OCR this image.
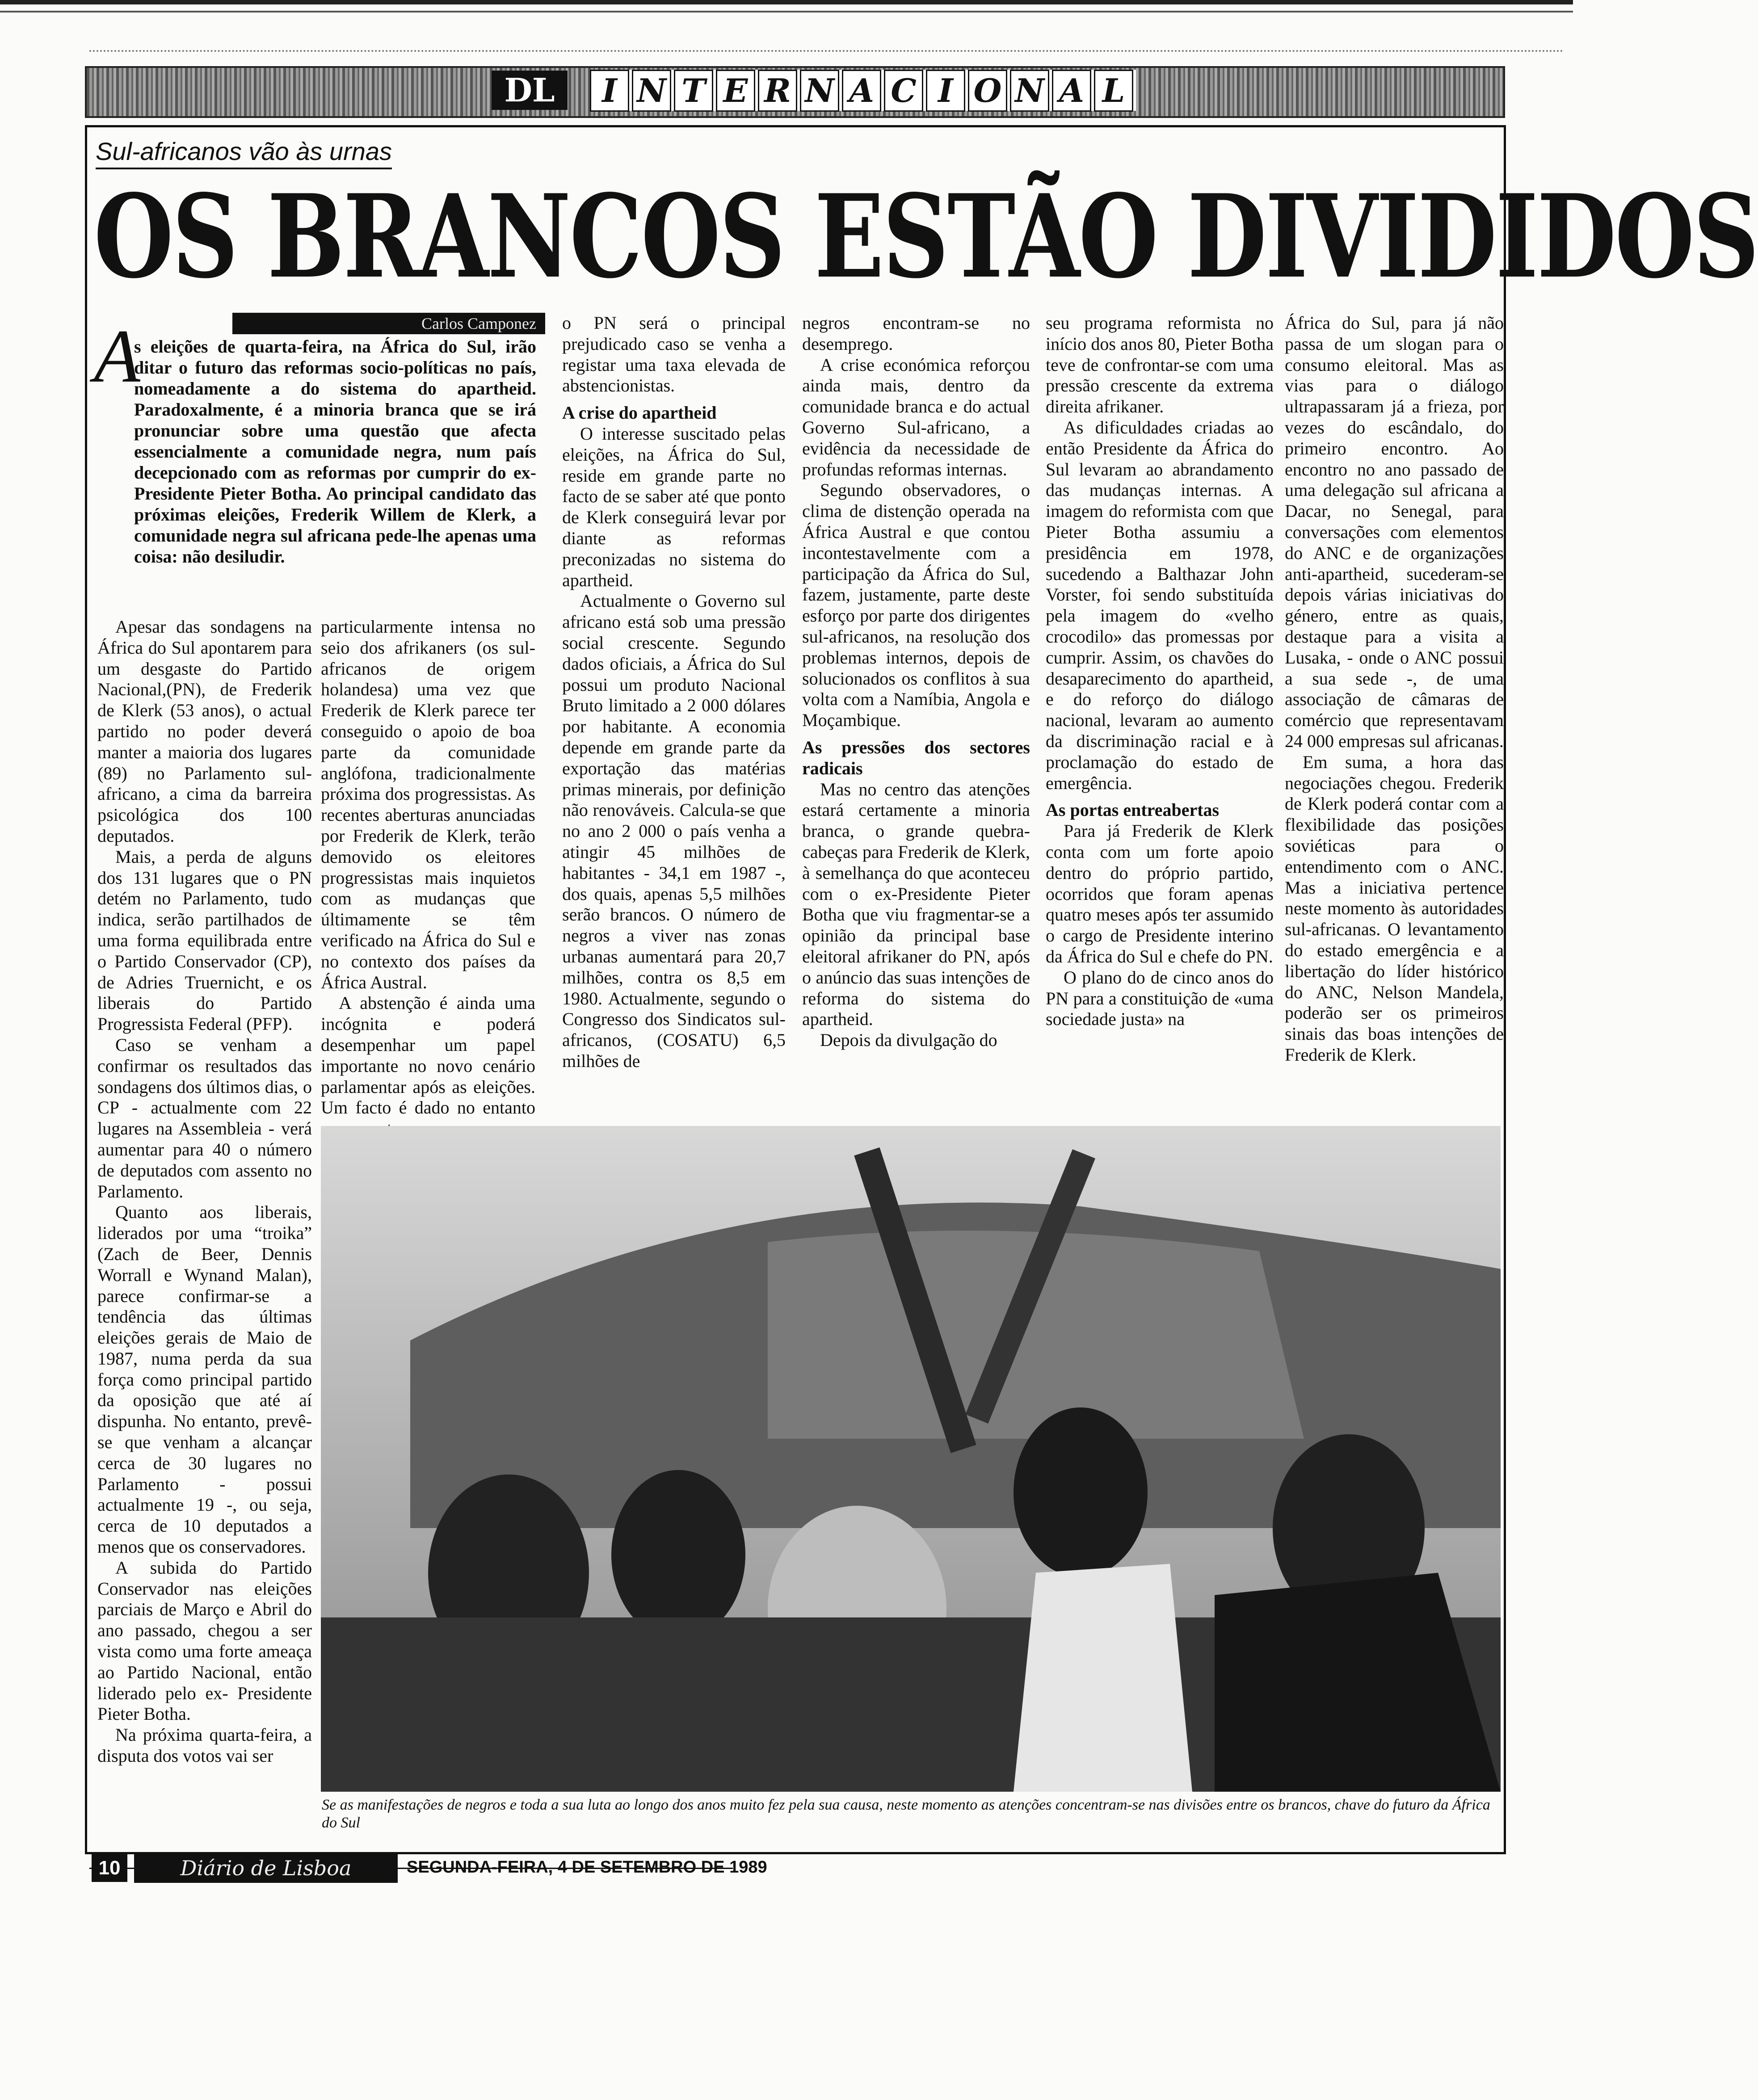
DL	I N T E R N A C I O N A L
Sul-africanos vão às urnas
OS BRANCOS ESTÃO DIVIDIDOS
Carlos Camponez
A

s eleições de quarta-feira, na África do Sul, irão ditar o futuro das reformas socio-políticas no país, nomeadamente a do sistema do apartheid. Paradoxalmente, é a minoria branca que se irá pronunciar sobre uma questão que afecta essencialmente a comunidade negra, num país decepcionado com as reformas por cumprir do ex-Presidente Pieter Botha. Ao principal candidato das próximas eleições, Frederik Willem de Klerk, a comunidade negra sul africana pede-lhe apenas uma coisa: não desiludir.

Apesar das sondagens na África do Sul apontarem para um desgaste do Partido Nacional,(PN), de Frederik de Klerk (53 anos), o actual partido no poder deverá manter a maioria dos lugares (89) no Parlamento sul-africano, a cima da barreira psicológica dos 100 deputados.

Mais, a perda de alguns dos 131 lugares que o PN detém no Parlamento, tudo indica, serão partilhados de uma forma equilibrada entre o Partido Conservador (CP), de Adries Truernicht, e os liberais do Partido Progressista Federal (PFP).

Caso se venham a confirmar os resultados das sondagens dos últimos dias, o CP - actualmente com 22 lugares na Assembleia - verá aumentar para 40 o número de deputados com assento no Parlamento.

Quanto aos liberais, liderados por uma “troika” (Zach de Beer, Dennis Worrall e Wynand Malan), parece confirmar-se a tendência das últimas eleições gerais de Maio de 1987, numa perda da sua força como principal partido da oposição que até aí dispunha. No entanto, prevê-se que venham a alcançar cerca de 30 lugares no Parlamento - possui actualmente 19 -, ou seja, cerca de 10 deputados a menos que os conservadores.

A subida do Partido Conservador nas eleições parciais de Março e Abril do ano passado, chegou a ser vista como uma forte ameaça ao Partido Nacional, então liderado pelo ex- Presidente Pieter Botha.

Na próxima quarta-feira, a disputa dos votos vai ser

particularmente intensa no seio dos afrikaners (os sul-africanos de origem holandesa) uma vez que Frederik de Klerk parece ter conseguido o apoio de boa parte da comunidade anglófona, tradicionalmente próxima dos progressistas. As recentes aberturas anunciadas por Frederik de Klerk, terão demovido os eleitores progressistas mais inquietos com as mudanças que últimamente se têm verificado na África do Sul e no contexto dos países da África Austral.

A abstenção é ainda uma incógnita e poderá desempenhar um papel importante no novo cenário parlamentar após as eleições. Um facto é dado no entanto

o PN será o principal prejudicado caso se venha a registar uma taxa elevada de abstencionistas.

A crise do apartheid

O interesse suscitado pelas eleições, na África do Sul, reside em grande parte no facto de se saber até que ponto de Klerk conseguirá levar por diante as reformas preconizadas no sistema do apartheid.

Actualmente o Governo sul africano está sob uma pressão social crescente. Segundo dados oficiais, a África do Sul possui um produto Nacional Bruto limitado a 2 000 dólares por habitante. A economia depende em grande parte da exportação das matérias primas minerais, por definição não renováveis. Calcula-se que no ano 2 000 o país venha a atingir 45 milhões de habitantes - 34,1 em 1987 -, dos quais, apenas 5,5 milhões serão brancos. O número de negros a viver nas zonas urbanas aumentará para 20,7 milhões, contra os 8,5 em 1980. Actualmente, segundo o Congresso dos Sindicatos sul-africanos, (COSATU) 6,5 milhões de

negros encontram-se no desemprego.

A crise económica reforçou ainda mais, dentro da comunidade branca e do actual Governo Sul-africano, a evidência da necessidade de profundas reformas internas.

Segundo observadores, o clima de distenção operada na África Austral e que contou incontestavelmente com a participação da África do Sul, fazem, justamente, parte deste esforço por parte dos dirigentes sul-africanos, na resolução dos problemas internos, depois de solucionados os conflitos à sua volta com a Namíbia, Angola e Moçambique.

As pressões dos sectores radicais

Mas no centro das atenções estará certamente a minoria branca, o grande quebra-cabeças para Frederik de Klerk, à semelhança do que aconteceu com o ex-Presidente Pieter Botha que viu fragmentar-se a opinião da principal base eleitoral afrikaner do PN, após o anúncio das suas intenções de reforma do sistema do apartheid.

Depois da divulgação do

seu programa reformista no início dos anos 80, Pieter Botha teve de confrontar-se com uma pressão crescente da extrema direita afrikaner.

As dificuldades criadas ao então Presidente da África do Sul levaram ao abrandamento das mudanças internas. A imagem do reformista com que Pieter Botha assumiu a presidência em 1978, sucedendo a Balthazar John Vorster, foi sendo substituída pela imagem do «velho crocodilo» das promessas por cumprir. Assim, os chavões do desaparecimento do apartheid, e do reforço do diálogo nacional, levaram ao aumento da discriminação racial e à proclamação do estado de emergência.

As portas entreabertas

Para já Frederik de Klerk conta com um forte apoio dentro do próprio partido, ocorridos que foram apenas quatro meses após ter assumido o cargo de Presidente interino da África do Sul e chefe do PN.

O plano do de cinco anos do PN para a constituição de «uma sociedade justa» na

África do Sul, para já não passa de um slogan para o consumo eleitoral. Mas as vias para o diálogo ultrapassaram já a frieza, por vezes do escândalo, do primeiro encontro. Ao encontro no ano passado de uma delegação sul africana a Dacar, no Senegal, para conversações com elementos do ANC e de organizações anti-apartheid, sucederam-se depois várias iniciativas do género, entre as quais, destaque para a visita a Lusaka, - onde o ANC possui a sua sede -, de uma associação de câmaras de comércio que representavam 24 000 empresas sul africanas.

Em suma, a hora das negociações chegou. Frederik de Klerk poderá contar com a flexibilidade das posições soviéticas para o entendimento com o ANC. Mas a iniciativa pertence neste momento às autoridades sul-africanas. O levantamento do estado emergência e a libertação do líder histórico do ANC, Nelson Mandela, poderão ser os primeiros sinais das boas intenções de Frederik de Klerk.

Se as manifestações de negros e toda a sua luta ao longo dos anos muito fez pela sua causa, neste momento as atenções concentram-se nas divisões entre os brancos, chave do futuro da África do Sul
10	Diário de Lisboa	SEGUNDA-FEIRA, 4 DE SETEMBRO DE 1989
